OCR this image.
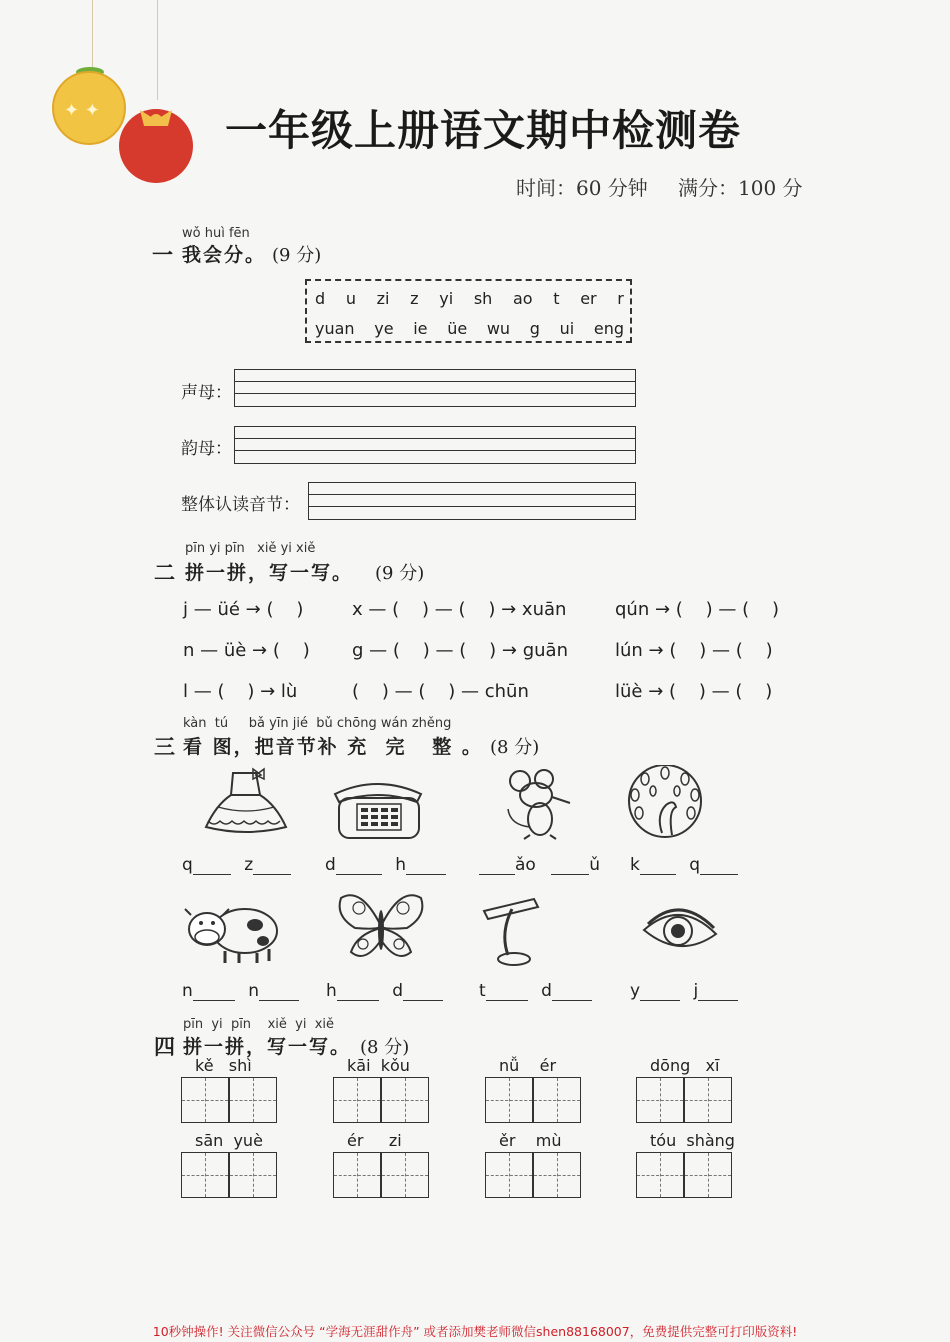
✦ ✦	一年级上册语文期中检测卷
时间：60 分钟 满分：100 分
wǒ huì fēn
一 我会分。 (9 分)
d u zi z yi sh ao t er r
yuan ye ie üe wu g ui eng
声母：
韵母：
整体认读音节：
pīn yi pīn   xiě yi xiě
二 拼一拼，写一写。 (9 分)
j — üé → (    )	x — (    ) — (    ) → xuān	qún → (    ) — (    )
n — üè → (    ) g — (    ) — (    ) → guān	lún → (    ) — (    )
l — (    ) → lù	(    ) — (    ) — chūn	lüè → (    ) — (    )
kàn  tú     bǎ yīn jié  bǔ chōng wán zhěng
三 看 图，把音节补 充  完   整 。 (8 分)
q	z	d	h	ǎo	ǔ k	q
n	n	h	d	t	d	y	j
pīn  yi  pīn    xiě  yi  xiě
四 拼一拼，写一写。 (8 分)
kě   shì	kāi  kǒu	nǚ    ér	dōng   xī
sān  yuè	ér     zi	ěr    mù	tóu  shàng
10秒钟操作! 关注微信公众号 “学海无涯甜作舟” 或者添加樊老师微信shen88168007，免费提供完整可打印版资料!
